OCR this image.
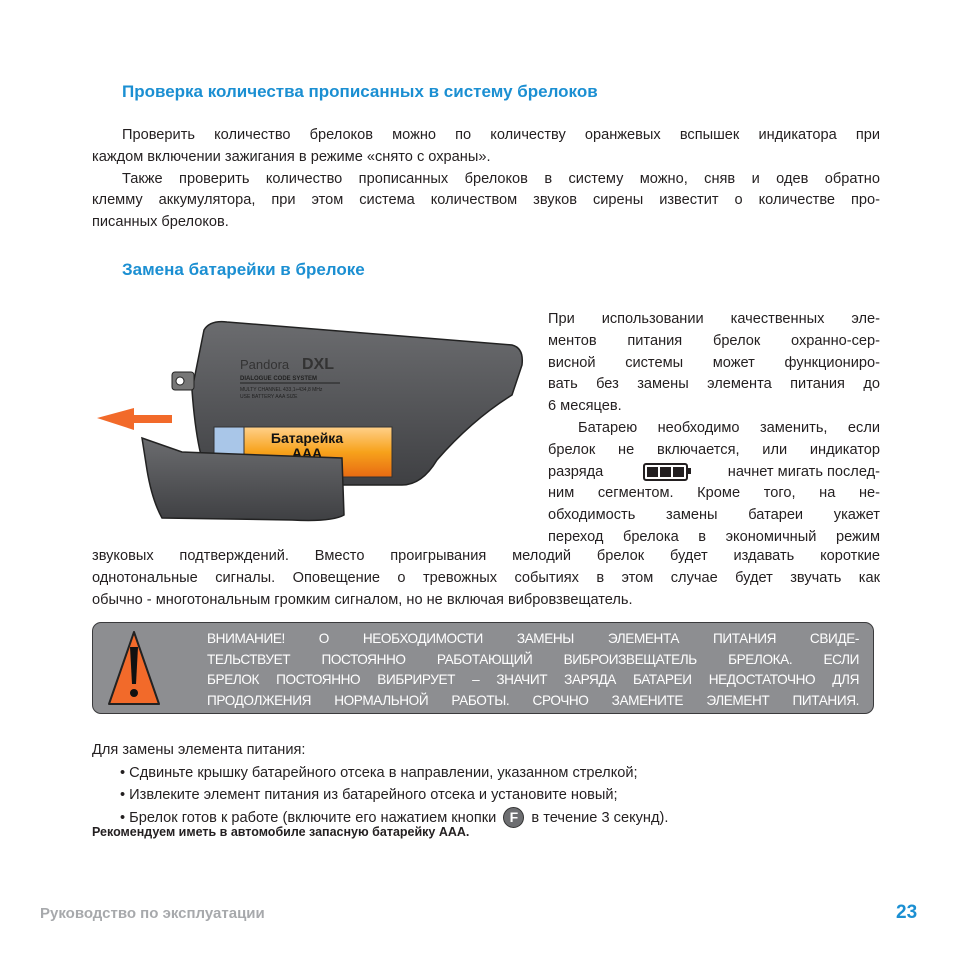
Проверка количества прописанных в систему брелоков
Проверить количество брелоков можно по количеству оранжевых вспышек индикатора при
каждом включении зажигания в режиме «снято с охраны».
Также проверить количество прописанных брелоков в систему можно, сняв и одев обратно
клемму аккумулятора, при этом система количеством звуков сирены известит о количестве про-
писанных брелоков.
Замена батарейки в брелоке
Pandora DXL
DIALOGUE CODE SYSTEM
MULTY CHANNEL 433,1÷434,8 MHz
USE BATTERY AAA SIZE
Батарейка
AAA
При использовании качественных эле-
ментов питания брелок охранно-сер-
висной системы может функциониро-
вать без замены элемента питания до
6 месяцев.
Батарею необходимо заменить, если
брелок не включается, или индикатор
разряда	начнет мигать послед-
ним сегментом. Кроме того, на не-
обходимость замены батареи укажет
переход брелока в экономичный режим
звуковых подтверждений. Вместо проигрывания мелодий брелок будет издавать короткие
однотональные сигналы. Оповещение о тревожных событиях в этом случае будет звучать как
обычно - многотональным громким сигналом, но не включая вибровзвещатель.
ВНИМАНИЕ! О НЕОБХОДИМОСТИ ЗАМЕНЫ ЭЛЕМЕНТА ПИТАНИЯ СВИДЕ-
ТЕЛЬСТВУЕТ ПОСТОЯННО РАБОТАЮЩИЙ ВИБРОИЗВЕЩАТЕЛЬ БРЕЛОКА. ЕСЛИ
БРЕЛОК ПОСТОЯННО ВИБРИРУЕТ – ЗНАЧИТ ЗАРЯДА БАТАРЕИ НЕДОСТАТОЧНО ДЛЯ
ПРОДОЛЖЕНИЯ НОРМАЛЬНОЙ РАБОТЫ. СРОЧНО ЗАМЕНИТЕ ЭЛЕМЕНТ ПИТАНИЯ.
Для замены элемента питания:
• Сдвиньте крышку батарейного отсека в направлении, указанном стрелкой;
• Извлеките элемент питания из батарейного отсека и установите новый;
• Брелок готов к работе (включите его нажатием кнопки F в течение 3 секунд).
Рекомендуем иметь в автомобиле запасную батарейку AAA.
Руководство по эксплуатации	23
